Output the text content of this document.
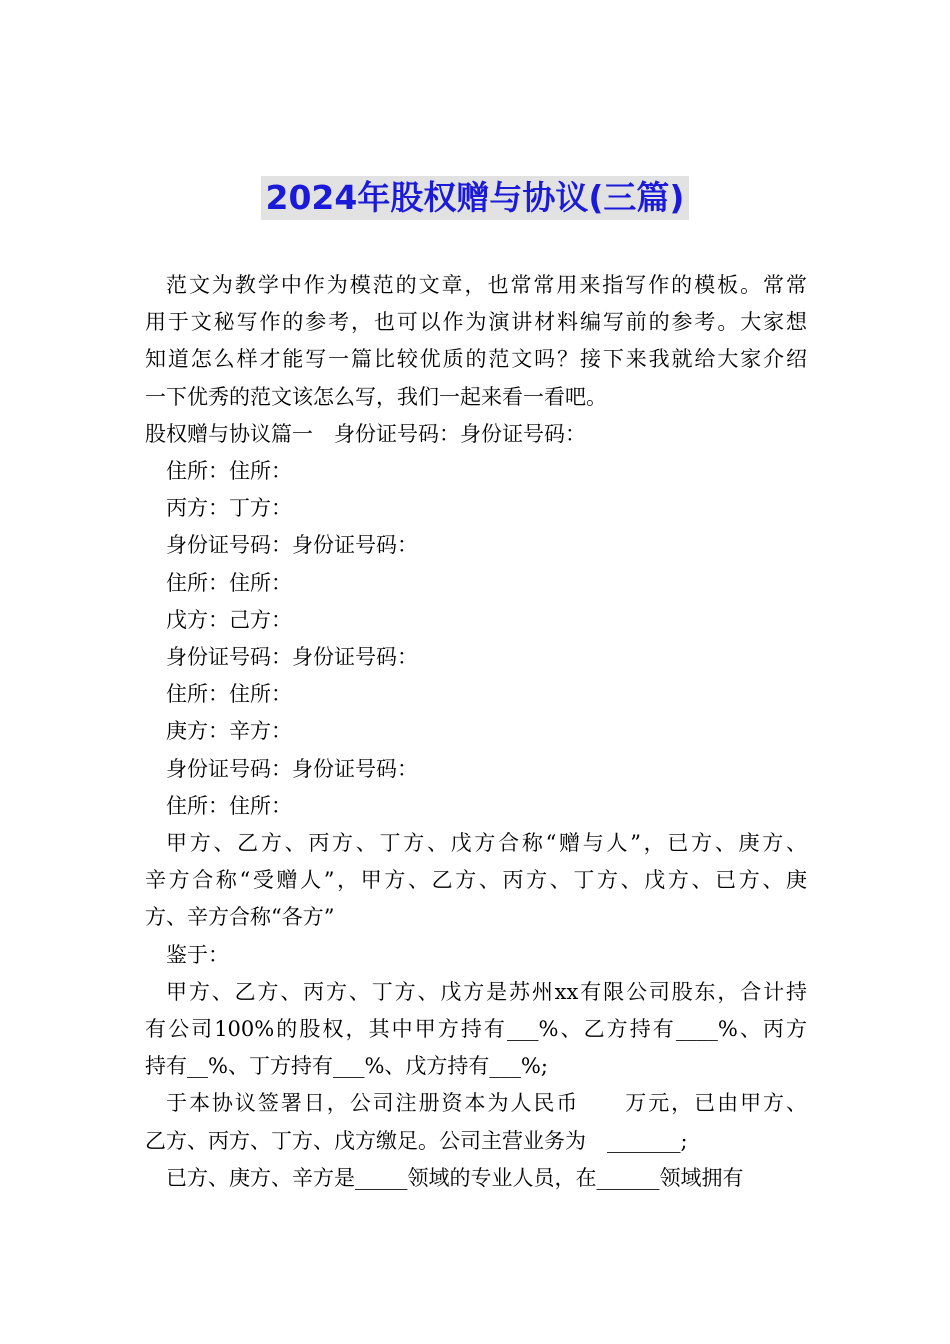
2024年股权赠与协议(三篇)
范文为教学中作为模范的文章，也常常用来指写作的模板。常常
用于文秘写作的参考，也可以作为演讲材料编写前的参考。大家想
知道怎么样才能写一篇比较优质的范文吗？接下来我就给大家介绍
一下优秀的范文该怎么写，我们一起来看一看吧。
股权赠与协议篇一　身份证号码：身份证号码：
住所：住所：
丙方：丁方：
身份证号码：身份证号码：
住所：住所：
戊方：己方：
身份证号码：身份证号码：
住所：住所：
庚方：辛方：
身份证号码：身份证号码：
住所：住所：
甲方、乙方、丙方、丁方、戊方合称“赠与人”，已方、庚方、
辛方合称“受赠人”，甲方、乙方、丙方、丁方、戊方、已方、庚
方、辛方合称“各方”
鉴于：
甲方、乙方、丙方、丁方、戊方是苏州xx有限公司股东，合计持
有公司100%的股权，其中甲方持有___%、乙方持有____%、丙方
持有__%、丁方持有___%、戊方持有___%;
于本协议签署日，公司注册资本为人民币　　万元，已由甲方、
乙方、丙方、丁方、戊方缴足。公司主营业务为　_______;
已方、庚方、辛方是_____领域的专业人员，在______领域拥有
